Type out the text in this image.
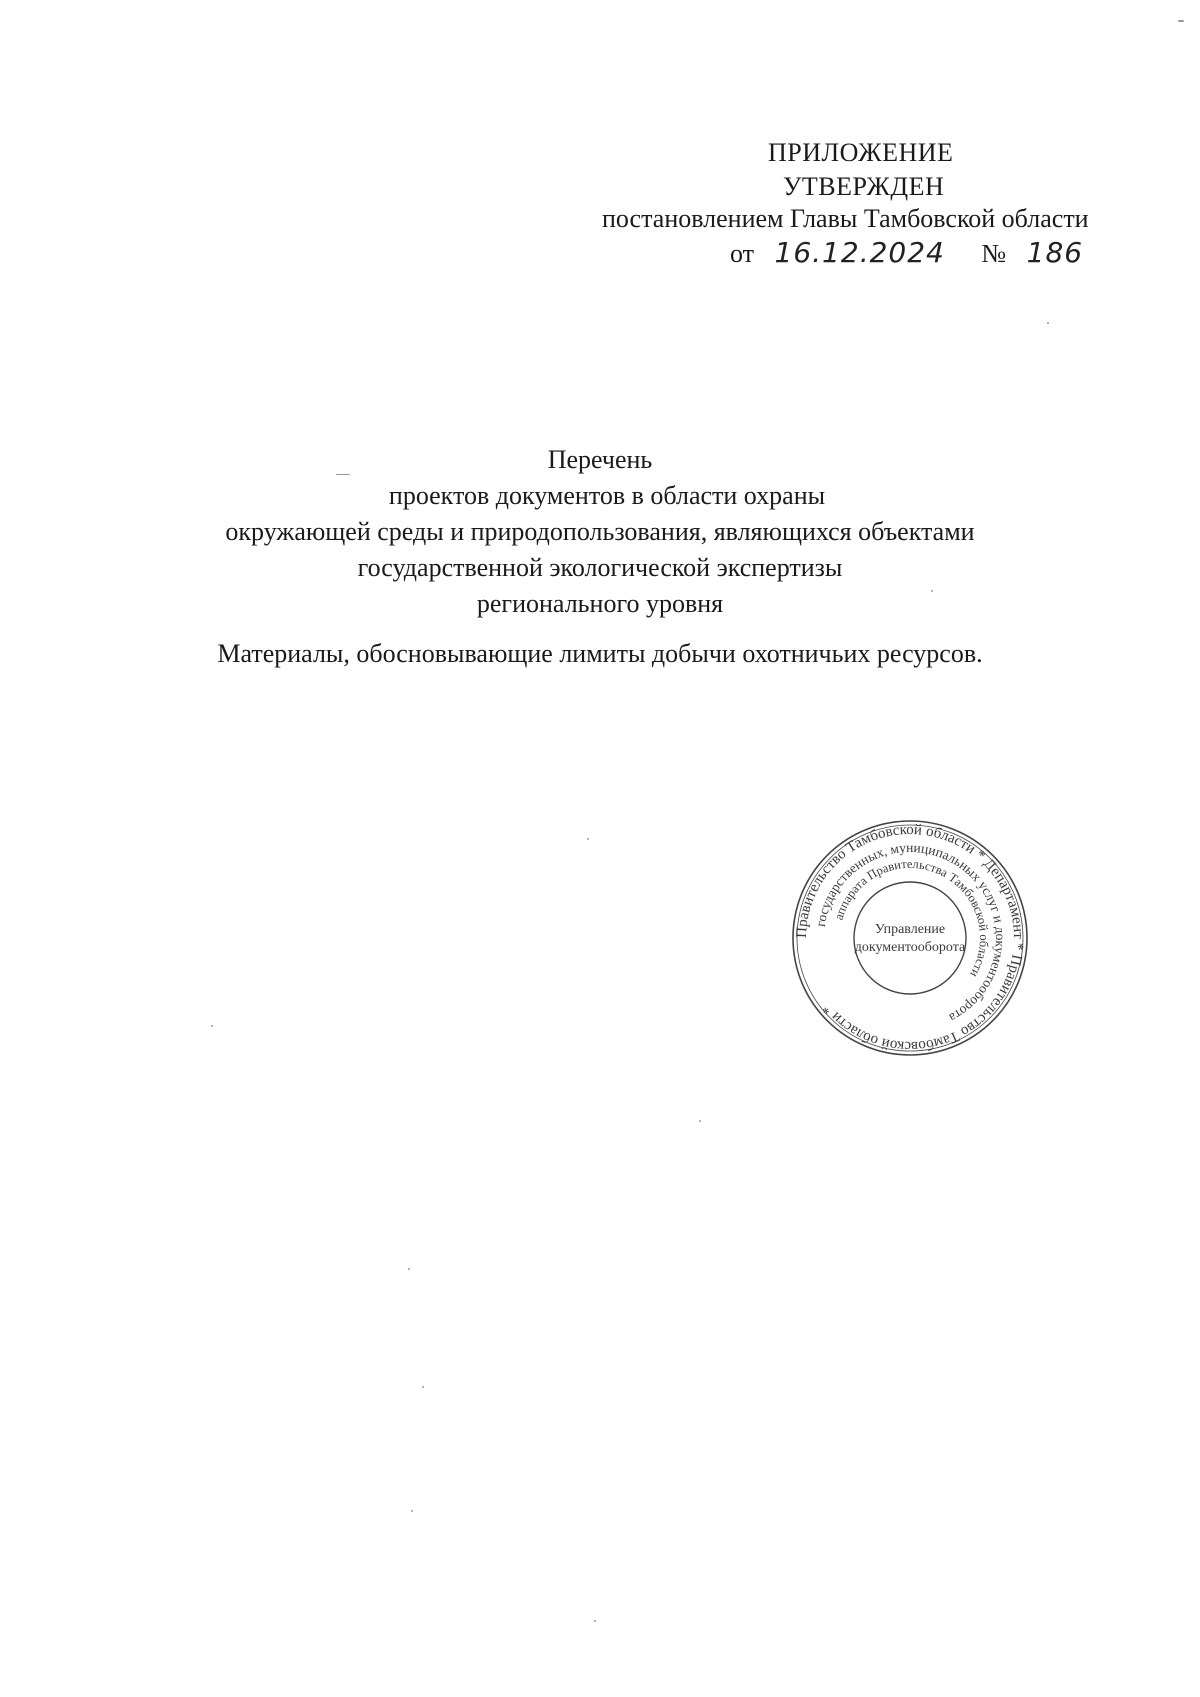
ПРИЛОЖЕНИЕ
УТВЕРЖДЕН
постановлением Главы Тамбовской области
от 16.12.2024 № 186
Перечень
проектов документов в области охраны
окружающей среды и природопользования, являющихся объектами
государственной экологической экспертизы
регионального уровня
Материалы, обосновывающие лимиты добычи охотничьих ресурсов.
Правительство Тамбовской области * Департамент * Правительство Тамбовской области *
государственных, муниципальных услуг и документооборота
аппарата Правительства Тамбовской области
Управление
документооборота
